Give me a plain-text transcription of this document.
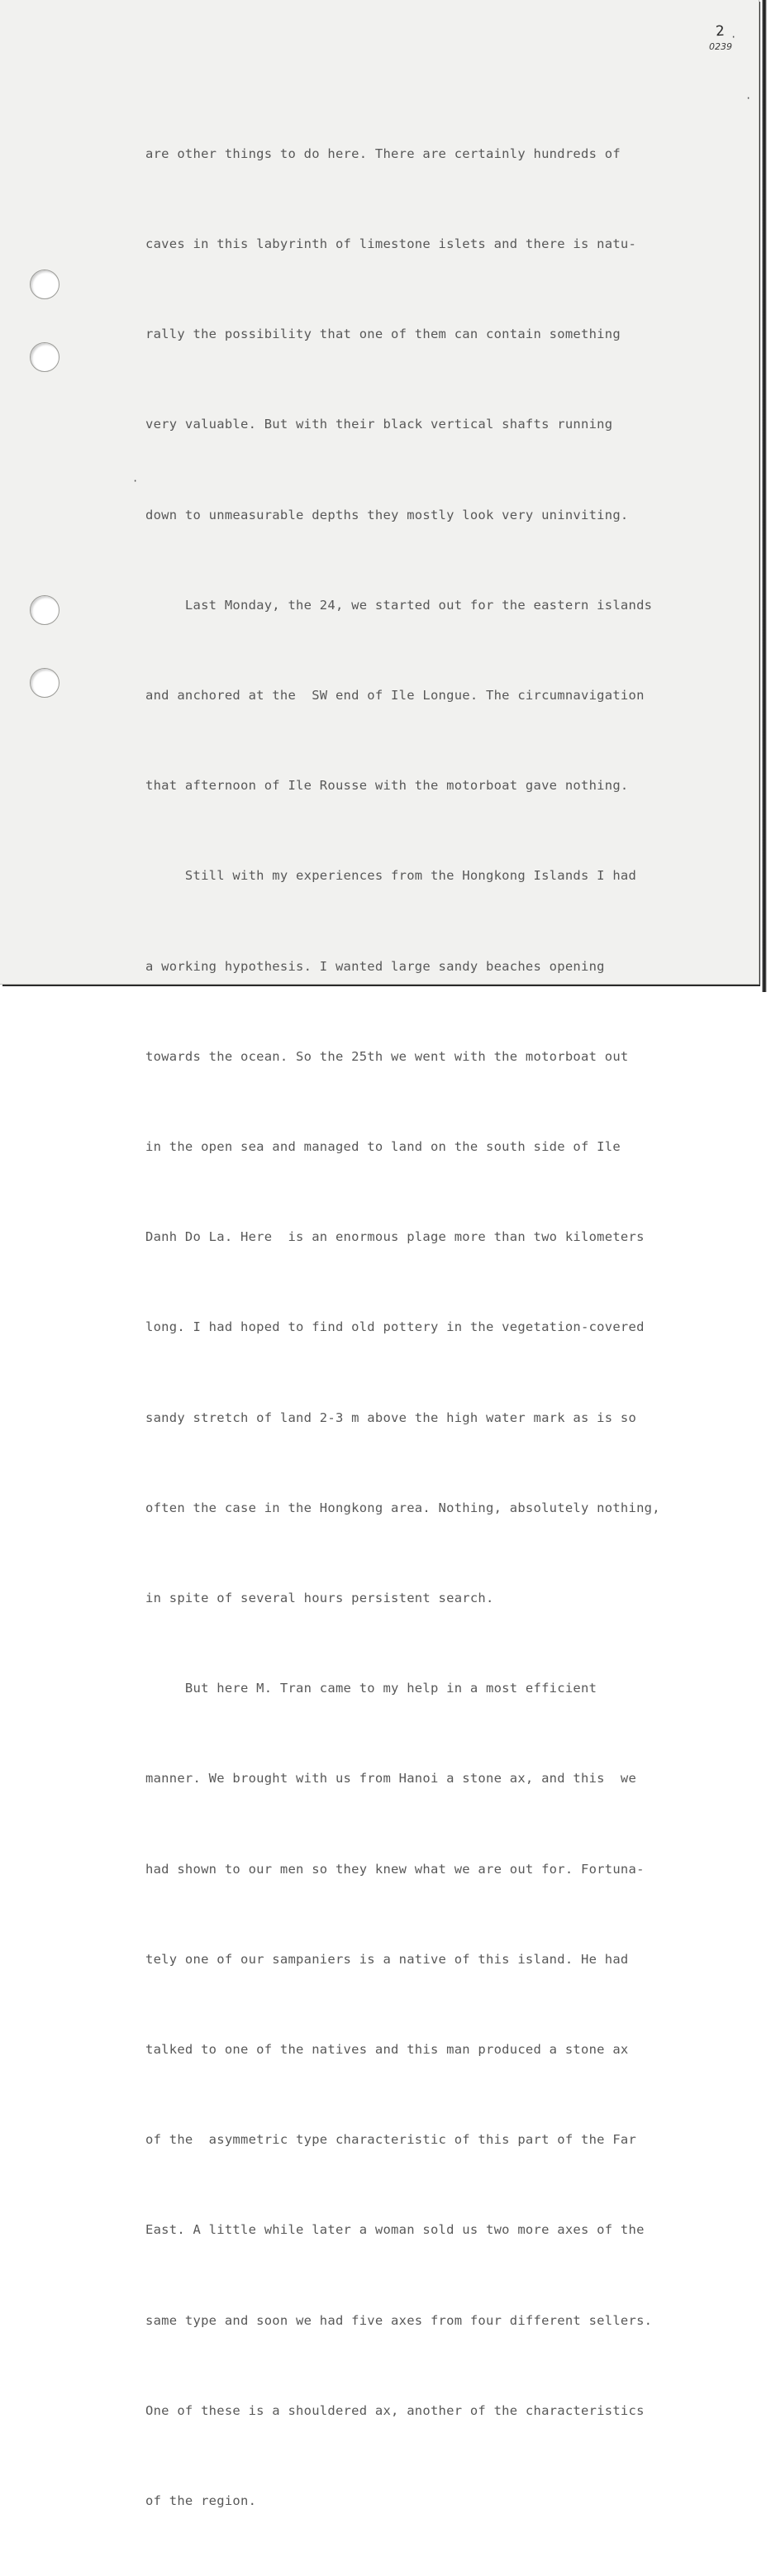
2
0239
·
·
·

are other things to do here. There are certainly hundreds of

caves in this labyrinth of limestone islets and there is natu-

rally the possibility that one of them can contain something

very valuable. But with their black vertical shafts running

down to unmeasurable depths they mostly look very uninviting.

Last Monday, the 24, we started out for the eastern islands

and anchored at the  SW end of Ile Longue. The circumnavigation

that afternoon of Ile Rousse with the motorboat gave nothing.

Still with my experiences from the Hongkong Islands I had

a working hypothesis. I wanted large sandy beaches opening

towards the ocean. So the 25th we went with the motorboat out

in the open sea and managed to land on the south side of Ile

Danh Do La. Here  is an enormous plage more than two kilometers

long. I had hoped to find old pottery in the vegetation-covered

sandy stretch of land 2-3 m above the high water mark as is so

often the case in the Hongkong area. Nothing, absolutely nothing,

in spite of several hours persistent search.

But here M. Tran came to my help in a most efficient

manner. We brought with us from Hanoi a stone ax, and this  we

had shown to our men so they knew what we are out for. Fortuna-

tely one of our sampaniers is a native of this island. He had

talked to one of the natives and this man produced a stone ax

of the  asymmetric type characteristic of this part of the Far

East. A little while later a woman sold us two more axes of the

same type and soon we had five axes from four different sellers.

One of these is a shouldered ax, another of the characteristics

of the region.
